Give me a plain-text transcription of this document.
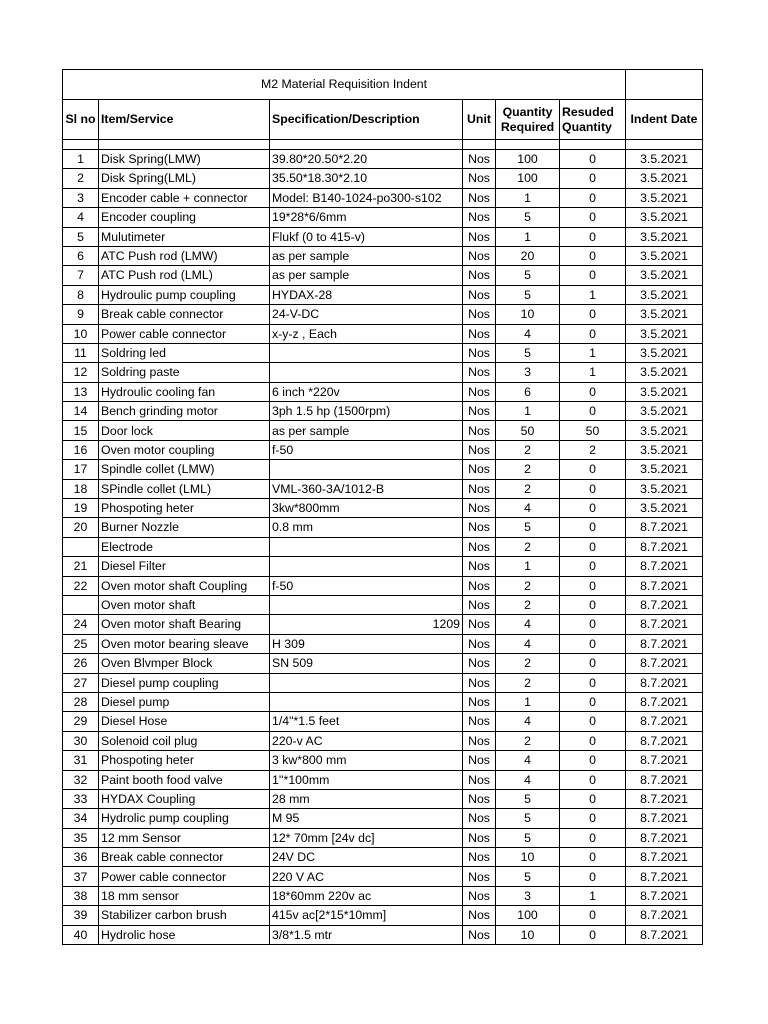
M2 Material Requisition Indent						
Sl no	Item/Service	Specification/Description	Unit	Quantity Required	Resuded Quantity	Indent Date

1	Disk Spring(LMW)	39.80*20.50*2.20	Nos	100	0	3.5.2021
2	Disk Spring(LML)	35.50*18.30*2.10	Nos	100	0	3.5.2021
3	Encoder cable + connector	Model: B140-1024-po300-s102	Nos	1	0	3.5.2021
4	Encoder coupling	19*28*6/6mm	Nos	5	0	3.5.2021
5	Mulutimeter	Flukf (0 to 415-v)	Nos	1	0	3.5.2021
6	ATC Push rod (LMW)	as per sample	Nos	20	0	3.5.2021
7	ATC Push rod (LML)	as per sample	Nos	5	0	3.5.2021
8	Hydroulic pump coupling	HYDAX-28	Nos	5	1	3.5.2021
9	Break cable connector	24-V-DC	Nos	10	0	3.5.2021
10	Power cable connector	x-y-z , Each	Nos	4	0	3.5.2021
11	Soldring led		Nos	5	1	3.5.2021
12	Soldring paste		Nos	3	1	3.5.2021
13	Hydroulic cooling fan	6 inch *220v	Nos	6	0	3.5.2021
14	Bench grinding motor	3ph 1.5 hp (1500rpm)	Nos	1	0	3.5.2021
15	Door lock	as per sample	Nos	50	50	3.5.2021
16	Oven motor coupling	f-50	Nos	2	2	3.5.2021
17	Spindle collet (LMW)		Nos	2	0	3.5.2021
18	SPindle collet (LML)	VML-360-3A/1012-B	Nos	2	0	3.5.2021
19	Phospoting heter	3kw*800mm	Nos	4	0	3.5.2021
20	Burner Nozzle	0.8 mm	Nos	5	0	8.7.2021
	Electrode		Nos	2	0	8.7.2021
21	Diesel Filter		Nos	1	0	8.7.2021
22	Oven motor shaft Coupling	f-50	Nos	2	0	8.7.2021
	Oven motor shaft		Nos	2	0	8.7.2021
24	Oven motor shaft Bearing	1209	Nos	4	0	8.7.2021
25	Oven motor bearing sleave	H 309	Nos	4	0	8.7.2021
26	Oven Blvmper Block	SN 509	Nos	2	0	8.7.2021
27	Diesel pump coupling		Nos	2	0	8.7.2021
28	Diesel pump		Nos	1	0	8.7.2021
29	Diesel Hose	1/4"*1.5 feet	Nos	4	0	8.7.2021
30	Solenoid coil plug	220-v AC	Nos	2	0	8.7.2021
31	Phospoting heter	3 kw*800 mm	Nos	4	0	8.7.2021
32	Paint booth food valve	1''*100mm	Nos	4	0	8.7.2021
33	HYDAX Coupling	28 mm	Nos	5	0	8.7.2021
34	Hydrolic pump coupling	M 95	Nos	5	0	8.7.2021
35	12 mm Sensor	12* 70mm [24v dc]	Nos	5	0	8.7.2021
36	Break cable connector	24V DC	Nos	10	0	8.7.2021
37	Power cable connector	220 V AC	Nos	5	0	8.7.2021
38	18 mm sensor	18*60mm 220v ac	Nos	3	1	8.7.2021
39	Stabilizer carbon brush	415v ac[2*15*10mm]	Nos	100	0	8.7.2021
40	Hydrolic hose	3/8*1.5 mtr	Nos	10	0	8.7.2021
